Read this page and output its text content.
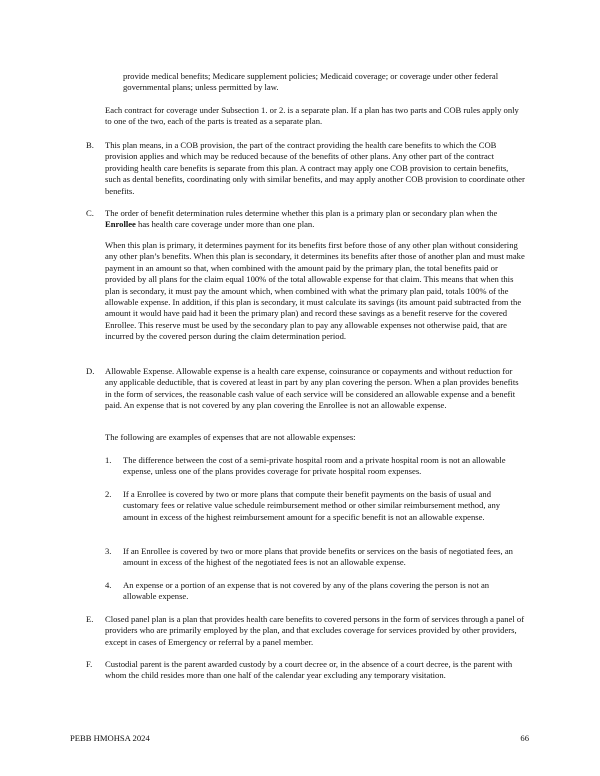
provide medical benefits; Medicare supplement policies; Medicaid coverage; or coverage under other federal governmental plans; unless permitted by law.

Each contract for coverage under Subsection 1. or 2. is a separate plan. If a plan has two parts and COB rules apply only to one of the two, each of the parts is treated as a separate plan.

B. This plan means, in a COB provision, the part of the contract providing the health care benefits to which the COB provision applies and which may be reduced because of the benefits of other plans. Any other part of the contract providing health care benefits is separate from this plan. A contract may apply one COB provision to certain benefits, such as dental benefits, coordinating only with similar benefits, and may apply another COB provision to coordinate other benefits.

C. The order of benefit determination rules determine whether this plan is a primary plan or secondary plan when the Enrollee has health care coverage under more than one plan.

When this plan is primary, it determines payment for its benefits first before those of any other plan without considering any other plan’s benefits. When this plan is secondary, it determines its benefits after those of another plan and must make payment in an amount so that, when combined with the amount paid by the primary plan, the total benefits paid or provided by all plans for the claim equal 100% of the total allowable expense for that claim. This means that when this plan is secondary, it must pay the amount which, when combined with what the primary plan paid, totals 100% of the allowable expense. In addition, if this plan is secondary, it must calculate its savings (its amount paid subtracted from the amount it would have paid had it been the primary plan) and record these savings as a benefit reserve for the covered Enrollee. This reserve must be used by the secondary plan to pay any allowable expenses not otherwise paid, that are incurred by the covered person during the claim determination period.

D. Allowable Expense. Allowable expense is a health care expense, coinsurance or copayments and without reduction for any applicable deductible, that is covered at least in part by any plan covering the person. When a plan provides benefits in the form of services, the reasonable cash value of each service will be considered an allowable expense and a benefit paid. An expense that is not covered by any plan covering the Enrollee is not an allowable expense.

The following are examples of expenses that are not allowable expenses:

1. The difference between the cost of a semi-private hospital room and a private hospital room is not an allowable expense, unless one of the plans provides coverage for private hospital room expenses.

2. If a Enrollee is covered by two or more plans that compute their benefit payments on the basis of usual and customary fees or relative value schedule reimbursement method or other similar reimbursement method, any amount in excess of the highest reimbursement amount for a specific benefit is not an allowable expense.

3. If an Enrollee is covered by two or more plans that provide benefits or services on the basis of negotiated fees, an amount in excess of the highest of the negotiated fees is not an allowable expense.

4. An expense or a portion of an expense that is not covered by any of the plans covering the person is not an allowable expense.

E. Closed panel plan is a plan that provides health care benefits to covered persons in the form of services through a panel of providers who are primarily employed by the plan, and that excludes coverage for services provided by other providers, except in cases of Emergency or referral by a panel member.

F. Custodial parent is the parent awarded custody by a court decree or, in the absence of a court decree, is the parent with whom the child resides more than one half of the calendar year excluding any temporary visitation.

PEBB HMOHSA 2024	66
